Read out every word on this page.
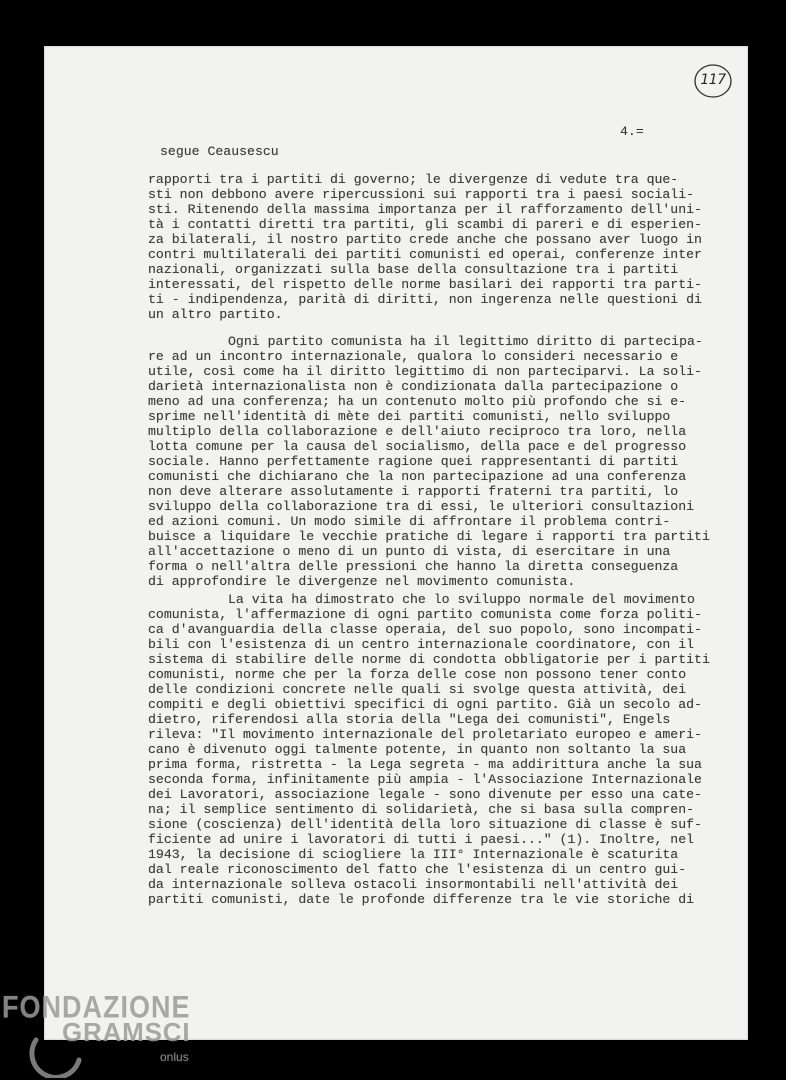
117
4.=
segue Ceausescu
rapporti tra i partiti di governo; le divergenze di vedute tra que-
sti non debbono avere ripercussioni sui rapporti tra i paesi sociali-
sti. Ritenendo della massima importanza per il rafforzamento dell'uni-
tà i contatti diretti tra partiti, gli scambi di pareri e di esperien-
za bilaterali, il nostro partito crede anche che possano aver luogo in
contri multilaterali dei partiti comunisti ed operai, conferenze inter
nazionali, organizzati sulla base della consultazione tra i partiti
interessati, del rispetto delle norme basilari dei rapporti tra parti-
ti - indipendenza, parità di diritti, non ingerenza nelle questioni di
un altro partito.
Ogni partito comunista ha il legittimo diritto di partecipa-
re ad un incontro internazionale, qualora lo consideri necessario e
utile, così come ha il diritto legittimo di non parteciparvi. La soli-
darietà internazionalista non è condizionata dalla partecipazione o
meno ad una conferenza; ha un contenuto molto più profondo che si e-
sprime nell'identità di mète dei partiti comunisti, nello sviluppo
multiplo della collaborazione e dell'aiuto reciproco tra loro, nella
lotta comune per la causa del socialismo, della pace e del progresso
sociale. Hanno perfettamente ragione quei rappresentanti di partiti
comunisti che dichiarano che la non partecipazione ad una conferenza
non deve alterare assolutamente i rapporti fraterni tra partiti, lo
sviluppo della collaborazione tra di essi, le ulteriori consultazioni
ed azioni comuni. Un modo simile di affrontare il problema contri-
buisce a liquidare le vecchie pratiche di legare i rapporti tra partiti
all'accettazione o meno di un punto di vista, di esercitare in una
forma o nell'altra delle pressioni che hanno la diretta conseguenza
di approfondire le divergenze nel movimento comunista.
La vita ha dimostrato che lo sviluppo normale del movimento
comunista, l'affermazione di ogni partito comunista come forza politi-
ca d'avanguardia della classe operaia, del suo popolo, sono incompati-
bili con l'esistenza di un centro internazionale coordinatore, con il
sistema di stabilire delle norme di condotta obbligatorie per i partiti
comunisti, norme che per la forza delle cose non possono tener conto
delle condizioni concrete nelle quali si svolge questa attività, dei
compiti e degli obiettivi specifici di ogni partito. Già un secolo ad-
dietro, riferendosi alla storia della "Lega dei comunisti", Engels
rileva: "Il movimento internazionale del proletariato europeo e ameri-
cano è divenuto oggi talmente potente, in quanto non soltanto la sua
prima forma, ristretta - la Lega segreta - ma addirittura anche la sua
seconda forma, infinitamente più ampia - l'Associazione Internazionale
dei Lavoratori, associazione legale - sono divenute per esso una cate-
na; il semplice sentimento di solidarietà, che si basa sulla compren-
sione (coscienza) dell'identità della loro situazione di classe è suf-
ficiente ad unire i lavoratori di tutti i paesi..." (1). Inoltre, nel
1943, la decisione di sciogliere la III° Internazionale è scaturita
dal reale riconoscimento del fatto che l'esistenza di un centro gui-
da internazionale solleva ostacoli insormontabili nell'attività dei
partiti comunisti, date le profonde differenze tra le vie storiche di
FONDAZIONE
GRAMSCI
onlus
